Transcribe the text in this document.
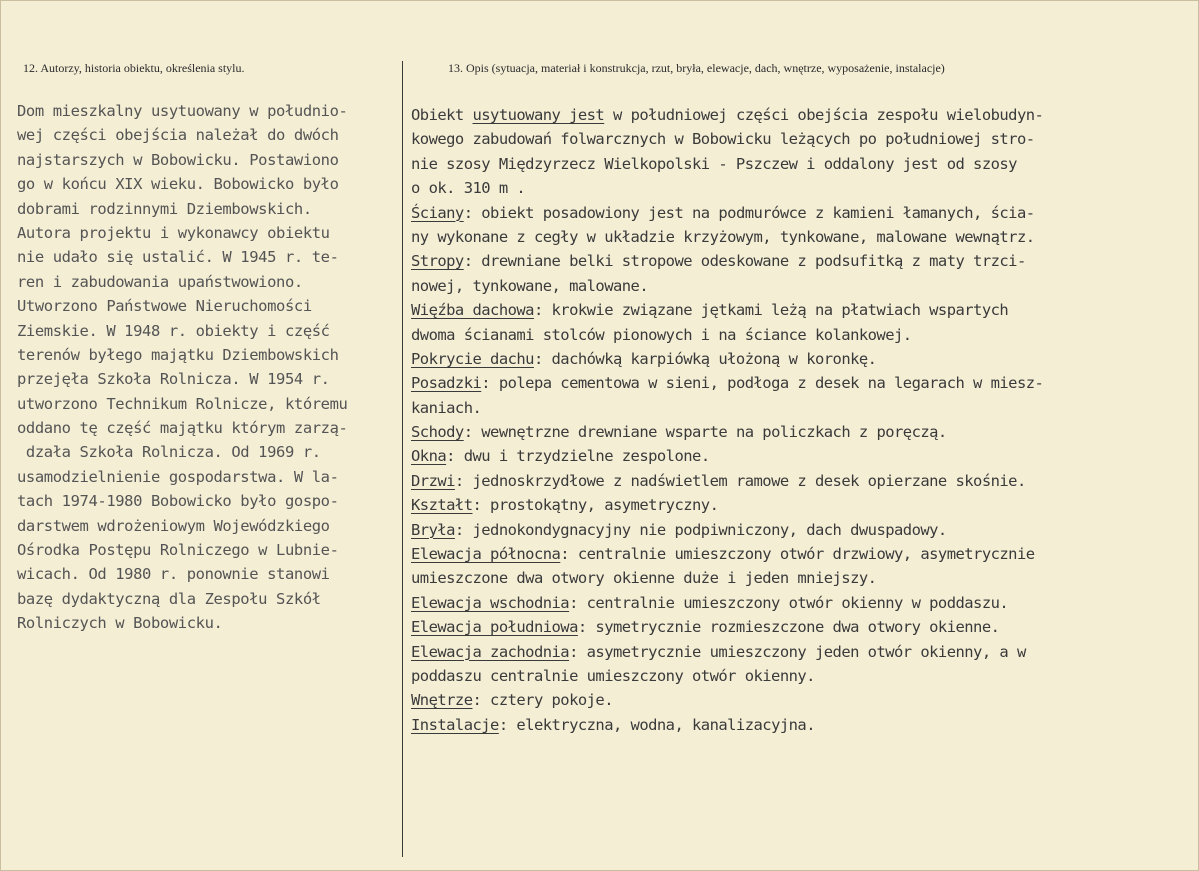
12. Autorzy, historia obiektu, określenia stylu.	13. Opis (sytuacja, materiał i konstrukcja, rzut, bryła, elewacje, dach, wnętrze, wyposażenie, instalacje)
Dom mieszkalny usytuowany w południo-
wej części obejścia należał do dwóch
najstarszych w Bobowicku. Postawiono
go w końcu XIX wieku. Bobowicko było
dobrami rodzinnymi Dziembowskich.
Autora projektu i wykonawcy obiektu
nie udało się ustalić. W 1945 r. te-
ren i zabudowania upaństwowiono.
Utworzono Państwowe Nieruchomości
Ziemskie. W 1948 r. obiekty i część
terenów byłego majątku Dziembowskich
przejęła Szkoła Rolnicza. W 1954 r.
utworzono Technikum Rolnicze, któremu
oddano tę część majątku którym zarzą-
dzała Szkoła Rolnicza. Od 1969 r.
usamodzielnienie gospodarstwa. W la-
tach 1974-1980 Bobowicko było gospo-
darstwem wdrożeniowym Wojewódzkiego
Ośrodka Postępu Rolniczego w Lubnie-
wicach. Od 1980 r. ponownie stanowi
bazę dydaktyczną dla Zespołu Szkół
Rolniczych w Bobowicku.
Obiekt usytuowany jest w południowej części obejścia zespołu wielobudyn-
kowego zabudowań folwarcznych w Bobowicku leżących po południowej stro-
nie szosy Międzyrzecz Wielkopolski - Pszczew i oddalony jest od szosy
o ok. 310 m .
Ściany: obiekt posadowiony jest na podmurówce z kamieni łamanych, ścia-
ny wykonane z cegły w układzie krzyżowym, tynkowane, malowane wewnątrz.
Stropy: drewniane belki stropowe odeskowane z podsufitką z maty trzci-
nowej, tynkowane, malowane.
Więźba dachowa: krokwie związane jętkami leżą na płatwiach wspartych
dwoma ścianami stolców pionowych i na ściance kolankowej.
Pokrycie dachu: dachówką karpiówką ułożoną w koronkę.
Posadzki: polepa cementowa w sieni, podłoga z desek na legarach w miesz-
kaniach.
Schody: wewnętrzne drewniane wsparte na policzkach z poręczą.
Okna: dwu i trzydzielne zespolone.
Drzwi: jednoskrzydłowe z nadświetlem ramowe z desek opierzane skośnie.
Kształt: prostokątny, asymetryczny.
Bryła: jednokondygnacyjny nie podpiwniczony, dach dwuspadowy.
Elewacja północna: centralnie umieszczony otwór drzwiowy, asymetrycznie
umieszczone dwa otwory okienne duże i jeden mniejszy.
Elewacja wschodnia: centralnie umieszczony otwór okienny w poddaszu.
Elewacja południowa: symetrycznie rozmieszczone dwa otwory okienne.
Elewacja zachodnia: asymetrycznie umieszczony jeden otwór okienny, a w
poddaszu centralnie umieszczony otwór okienny.
Wnętrze: cztery pokoje.
Instalacje: elektryczna, wodna, kanalizacyjna.
